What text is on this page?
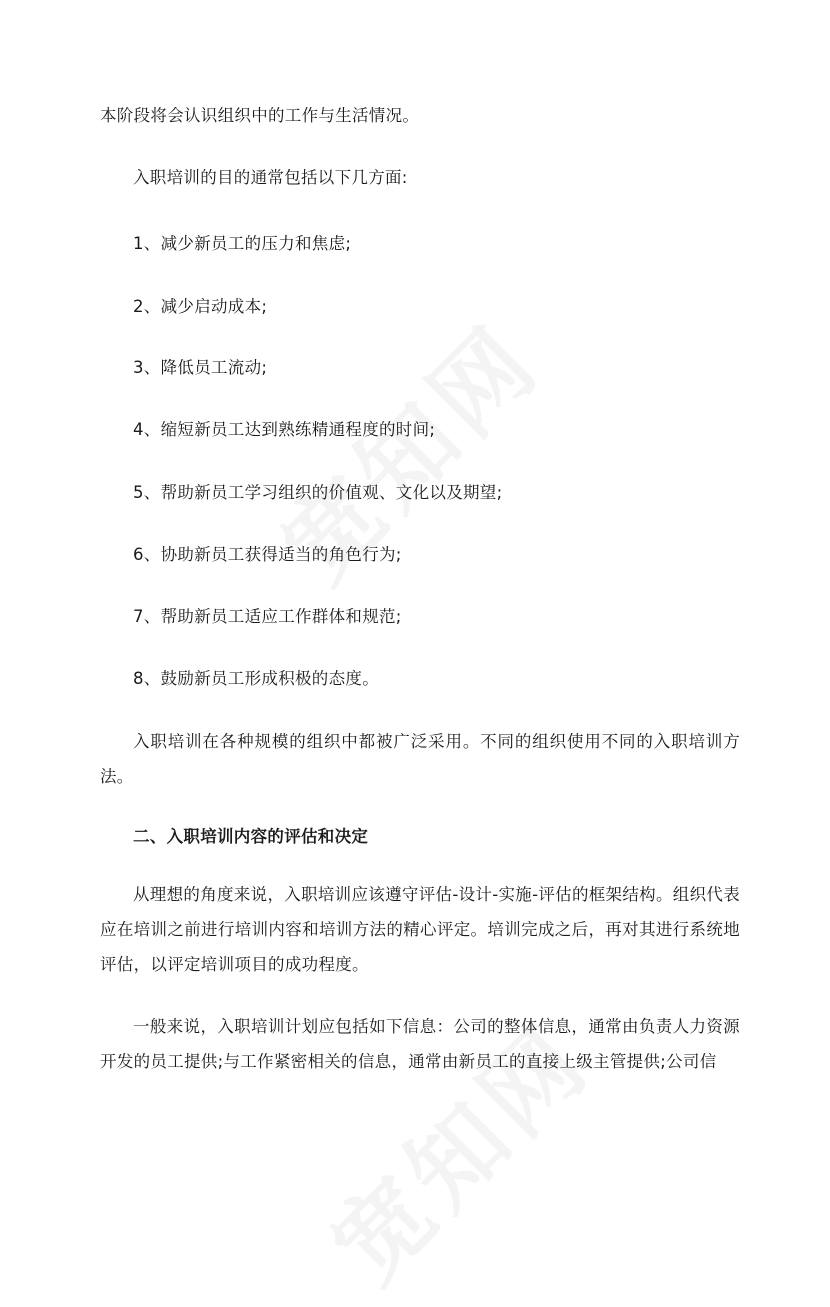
本阶段将会认识组织中的工作与生活情况。
入职培训的目的通常包括以下几方面:
1、减少新员工的压力和焦虑;
2、减少启动成本;
3、降低员工流动;
4、缩短新员工达到熟练精通程度的时间;
5、帮助新员工学习组织的价值观、文化以及期望;
6、协助新员工获得适当的角色行为;
7、帮助新员工适应工作群体和规范;
8、鼓励新员工形成积极的态度。
入职培训在各种规模的组织中都被广泛采用。不同的组织使用不同的入职培训方法。
二、入职培训内容的评估和决定
从理想的角度来说，入职培训应该遵守评估-设计-实施-评估的框架结构。组织代表应在培训之前进行培训内容和培训方法的精心评定。培训完成之后，再对其进行系统地评估，以评定培训项目的成功程度。
一般来说，入职培训计划应包括如下信息：公司的整体信息，通常由负责人力资源开发的员工提供;与工作紧密相关的信息，通常由新员工的直接上级主管提供;公司信
